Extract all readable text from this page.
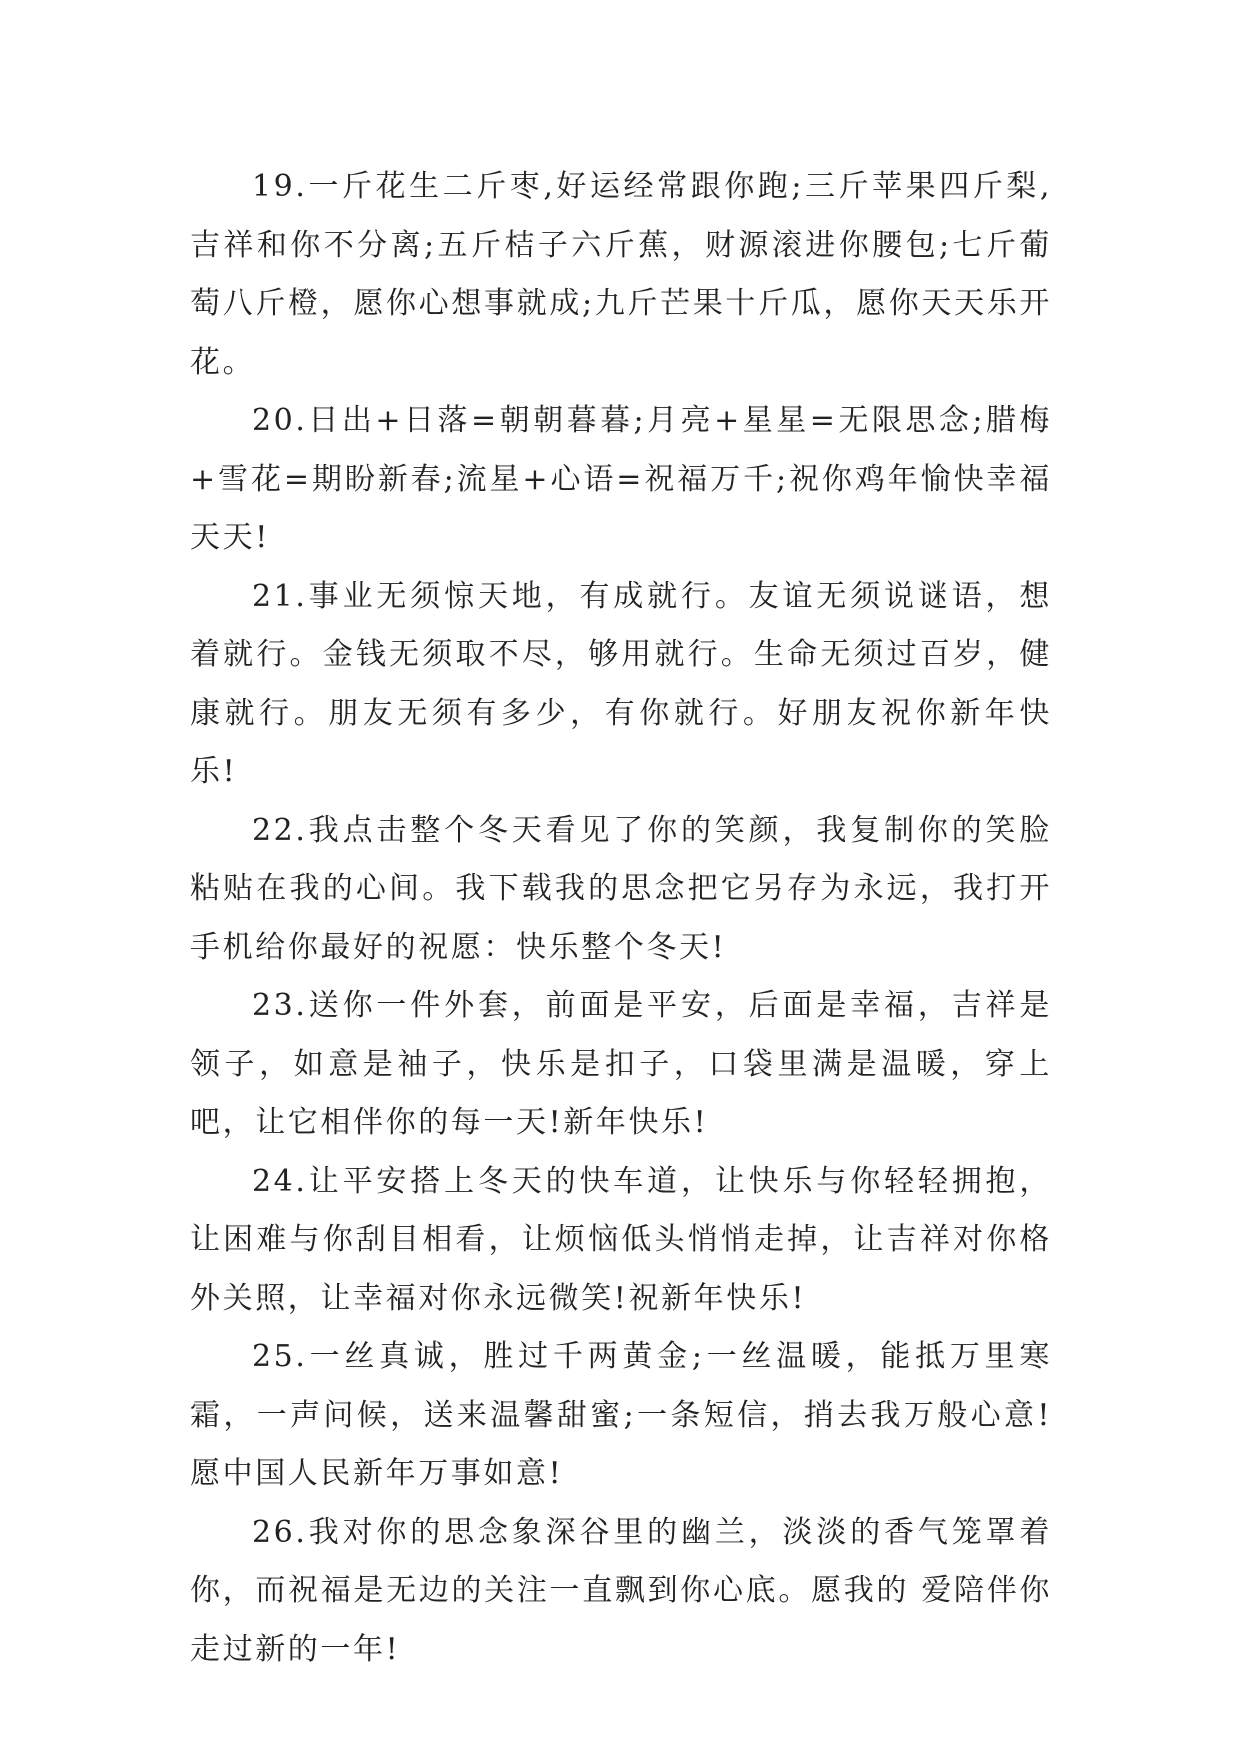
19.一斤花生二斤枣,好运经常跟你跑;三斤苹果四斤梨,吉祥和你不分离;五斤桔子六斤蕉，财源滚进你腰包;七斤葡萄八斤橙，愿你心想事就成;九斤芒果十斤瓜，愿你天天乐开花。

20.日出+日落=朝朝暮暮;月亮+星星=无限思念;腊梅+雪花=期盼新春;流星+心语=祝福万千;祝你鸡年愉快幸福天天!

21.事业无须惊天地，有成就行。友谊无须说谜语，想着就行。金钱无须取不尽，够用就行。生命无须过百岁，健康就行。朋友无须有多少，有你就行。好朋友祝你新年快乐!

22.我点击整个冬天看见了你的笑颜，我复制你的笑脸粘贴在我的心间。我下载我的思念把它另存为永远，我打开手机给你最好的祝愿：快乐整个冬天!

23.送你一件外套，前面是平安，后面是幸福，吉祥是领子，如意是袖子，快乐是扣子，口袋里满是温暖，穿上吧，让它相伴你的每一天!新年快乐!

24.让平安搭上冬天的快车道，让快乐与你轻轻拥抱，让困难与你刮目相看，让烦恼低头悄悄走掉，让吉祥对你格外关照，让幸福对你永远微笑!祝新年快乐!

25.一丝真诚，胜过千两黄金;一丝温暖，能抵万里寒霜，一声问候，送来温馨甜蜜;一条短信，捎去我万般心意!愿中国人民新年万事如意!

26.我对你的思念象深谷里的幽兰，淡淡的香气笼罩着你，而祝福是无边的关注一直飘到你心底。愿我的 爱陪伴你走过新的一年!
